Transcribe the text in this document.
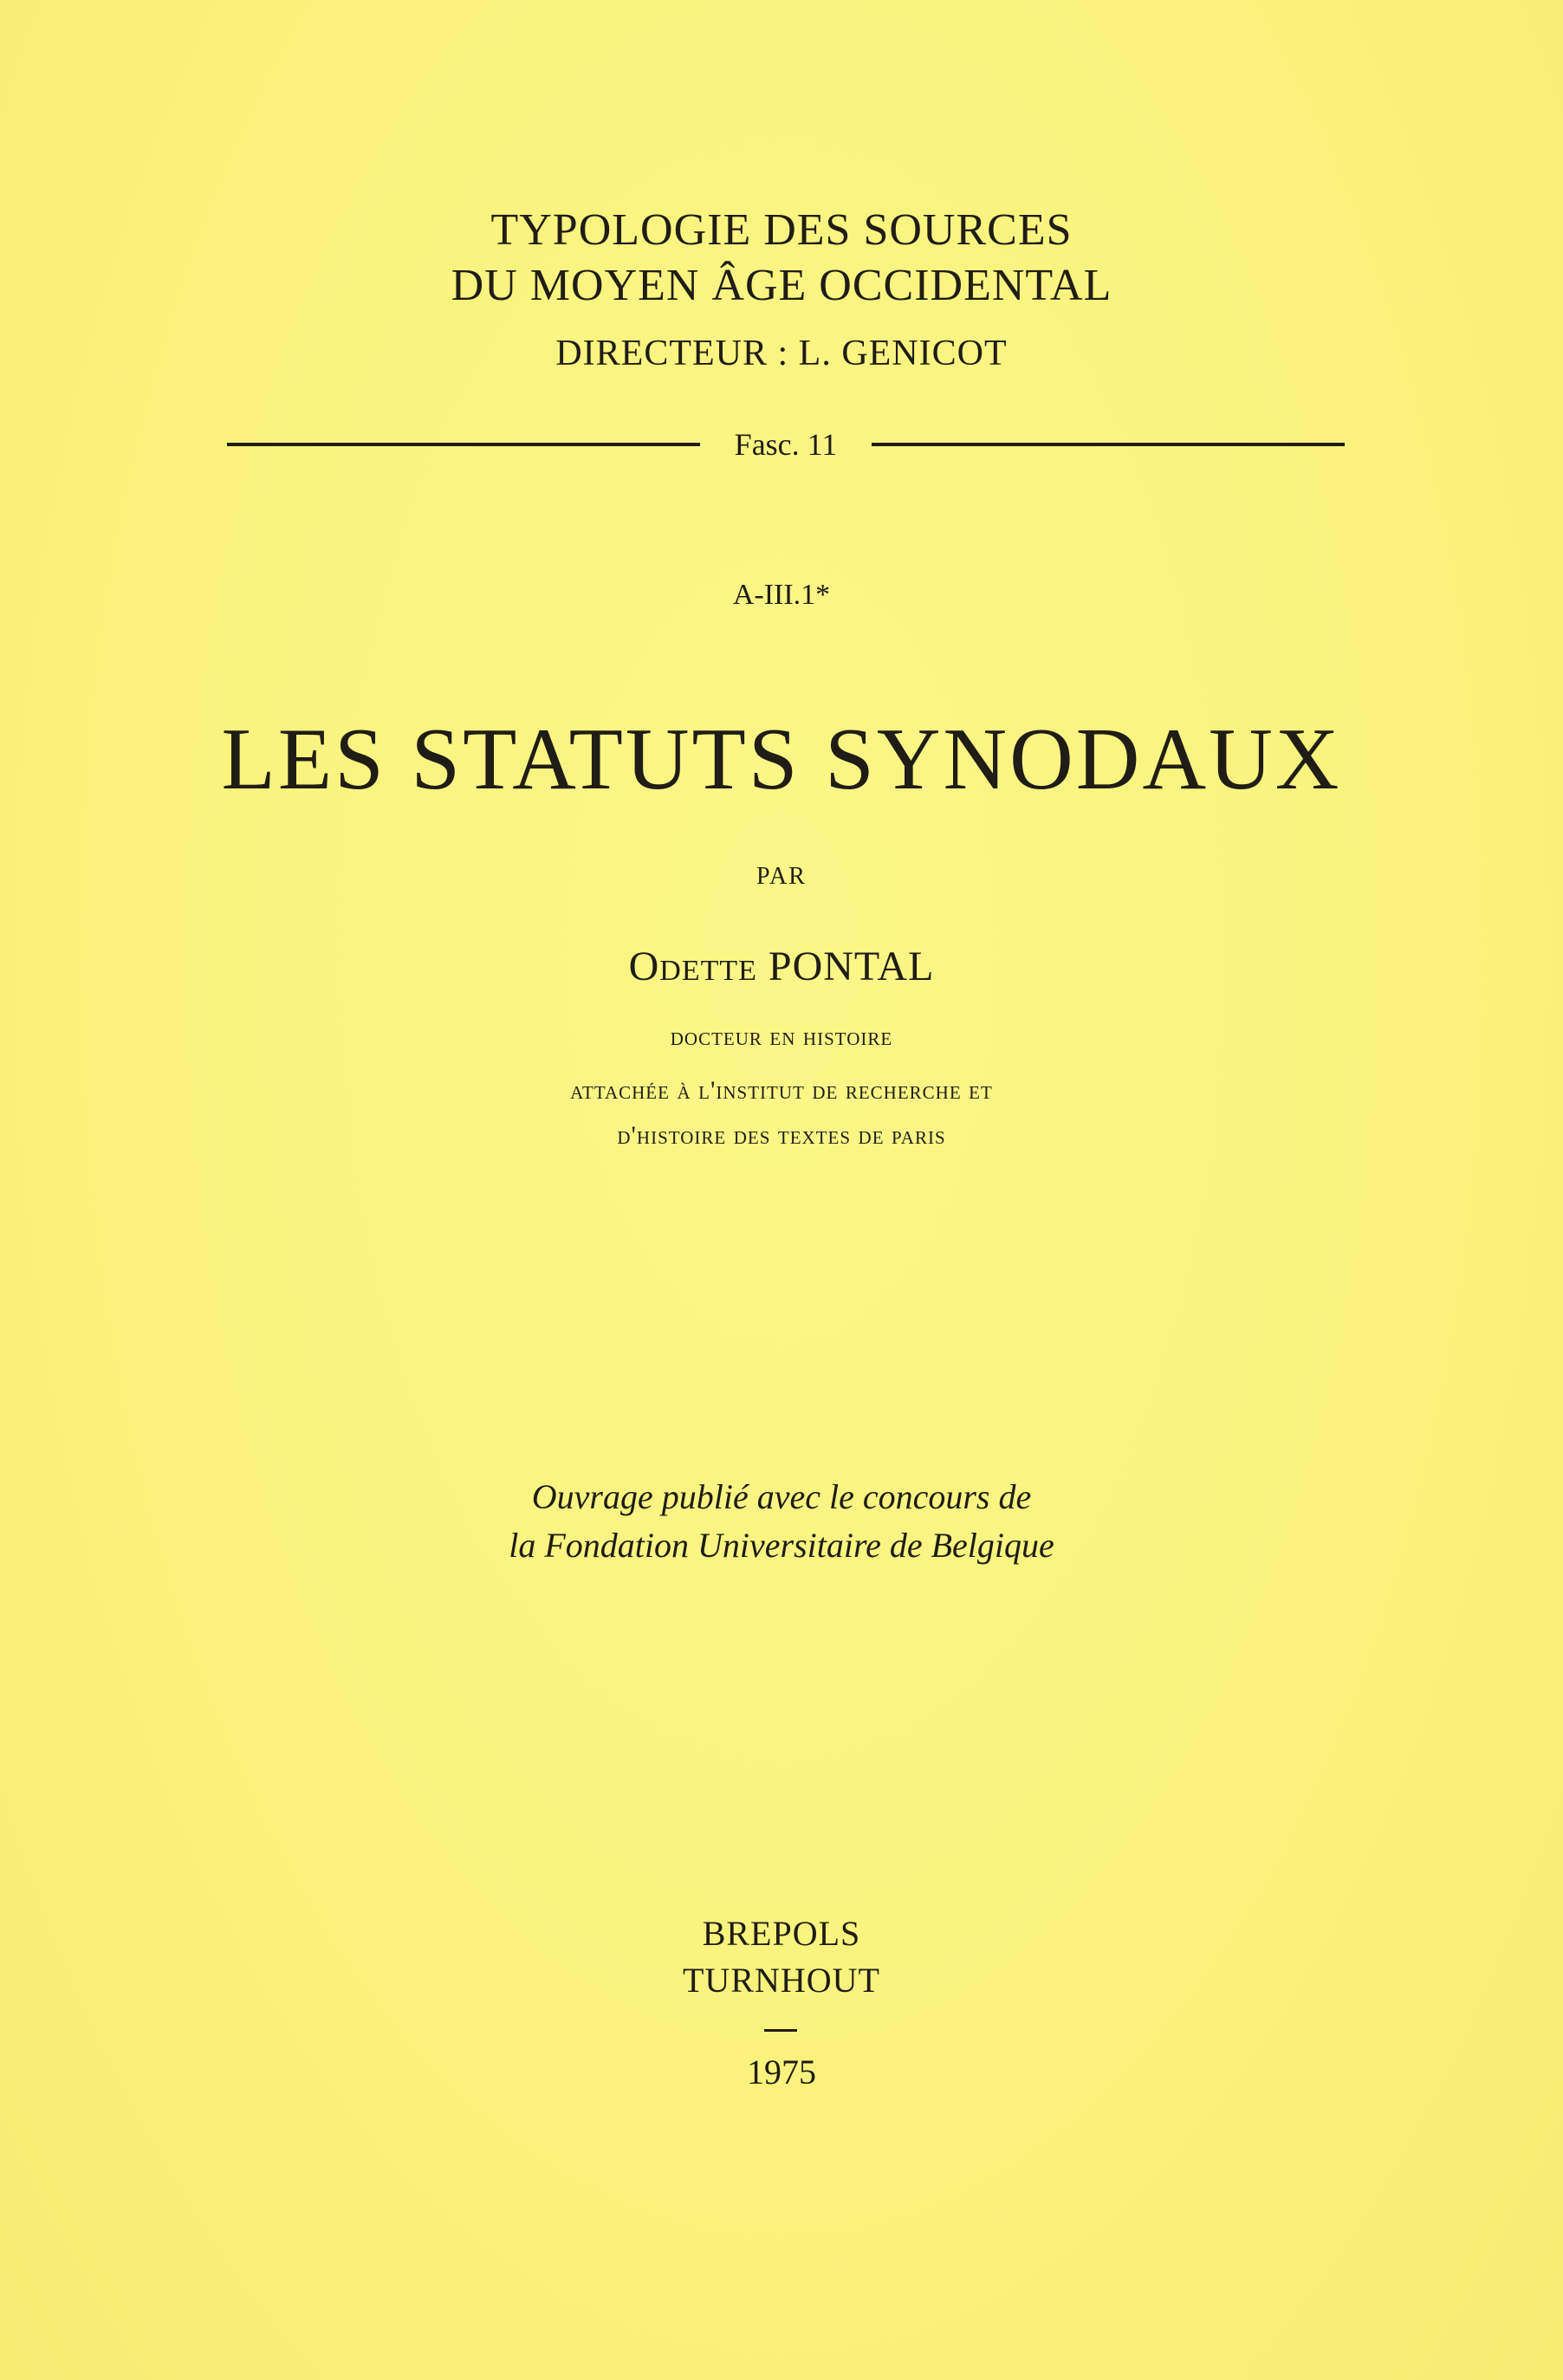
TYPOLOGIE DES SOURCES
DU MOYEN ÂGE OCCIDENTAL
DIRECTEUR : L. GENICOT
Fasc. 11
A-III.1*
LES STATUTS SYNODAUX
PAR
Odette PONTAL
docteur en histoire
attachée à l'institut de recherche et
d'histoire des textes de paris
Ouvrage publié avec le concours de
la Fondation Universitaire de Belgique
BREPOLS
TURNHOUT
1975
